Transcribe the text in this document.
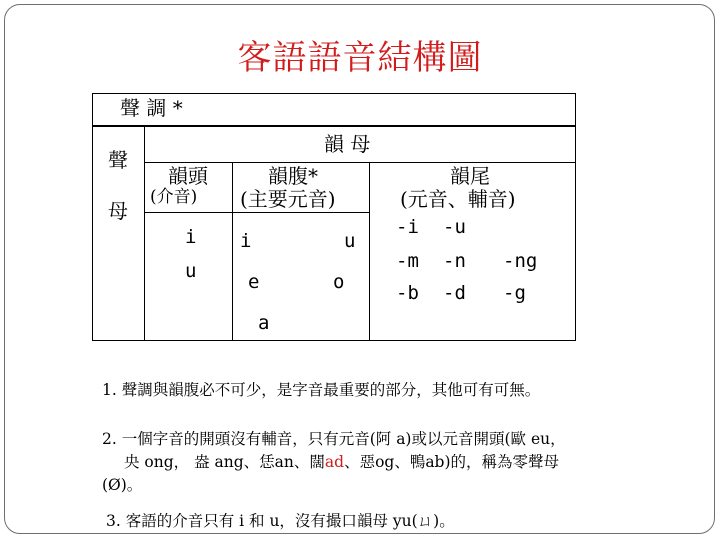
客語語音結構圖
聲 調 *
聲
母
韻 母
韻頭
(介音)
韻腹*
(主要元音)
韻尾
(元音、輔音)
i
u
i	u
e	o
a
-i -u
-m -n -ng
-b -d -g
1. 聲調與韻腹必不可少，是字音最重要的部分，其他可有可無。
2. 一個字音的開頭沒有輔音，只有元音(阿 a)或以元音開頭(歐 eu，
央 ong， 盎 ang、恁an、闊ad、惡og、鴨ab)的，稱為零聲母
(Ø)。
3. 客語的介音只有 i 和 u，沒有撮口韻母 yu(ㄩ)。
